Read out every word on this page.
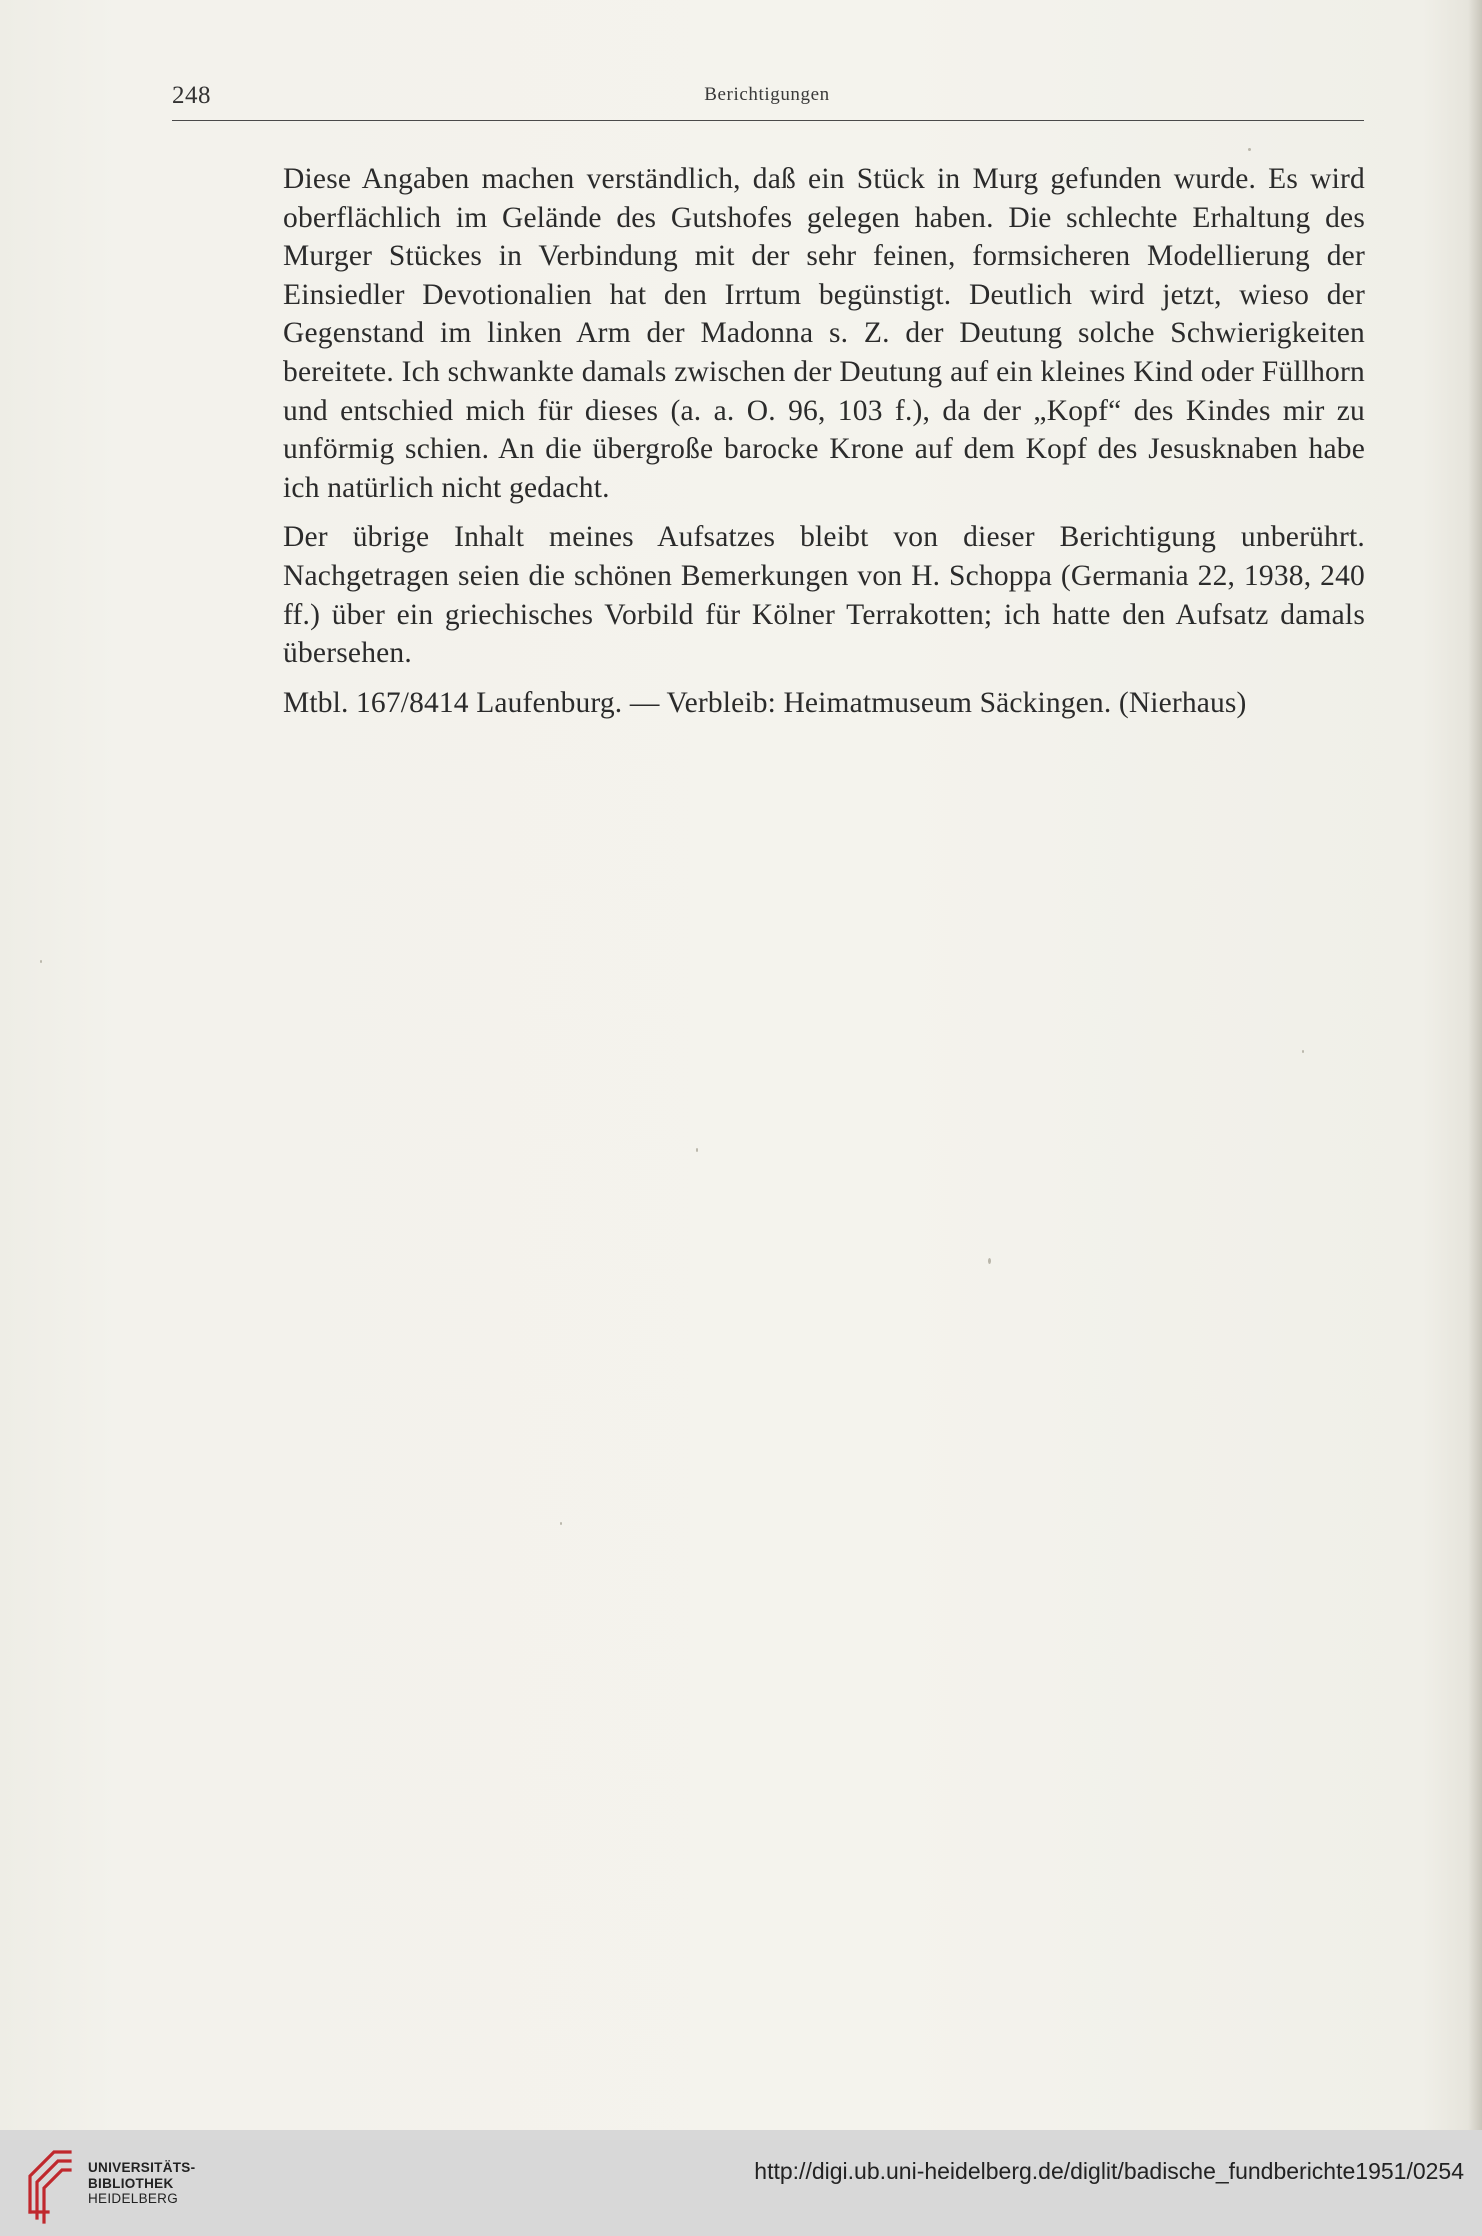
248	Berichtigungen

Diese Angaben machen verständlich, daß ein Stück in Murg gefunden wurde. Es wird oberflächlich im Gelände des Gutshofes gelegen haben. Die schlechte Erhaltung des Murger Stückes in Verbindung mit der sehr feinen, formsicheren Modellierung der Einsiedler Devotionalien hat den Irrtum begünstigt. Deutlich wird jetzt, wieso der Gegenstand im linken Arm der Madonna s. Z. der Deutung solche Schwierigkeiten bereitete. Ich schwankte damals zwischen der Deutung auf ein kleines Kind oder Füllhorn und entschied mich für dieses (a. a. O. 96, 103 f.), da der „Kopf“ des Kindes mir zu unförmig schien. An die übergroße barocke Krone auf dem Kopf des Jesusknaben habe ich natürlich nicht gedacht.

Der übrige Inhalt meines Aufsatzes bleibt von dieser Berichtigung unberührt. Nachgetragen seien die schönen Bemerkungen von H. Schoppa (Germania 22, 1938, 240 ff.) über ein griechisches Vorbild für Kölner Terrakotten; ich hatte den Aufsatz damals übersehen.

Mtbl. 167/8414 Laufenburg. — Verbleib: Heimatmuseum Säckingen. (Nierhaus)

UNIVERSITÄTS-
BIBLIOTHEK
HEIDELBERG
http://digi.ub.uni-heidelberg.de/diglit/badische_fundberichte1951/0254
